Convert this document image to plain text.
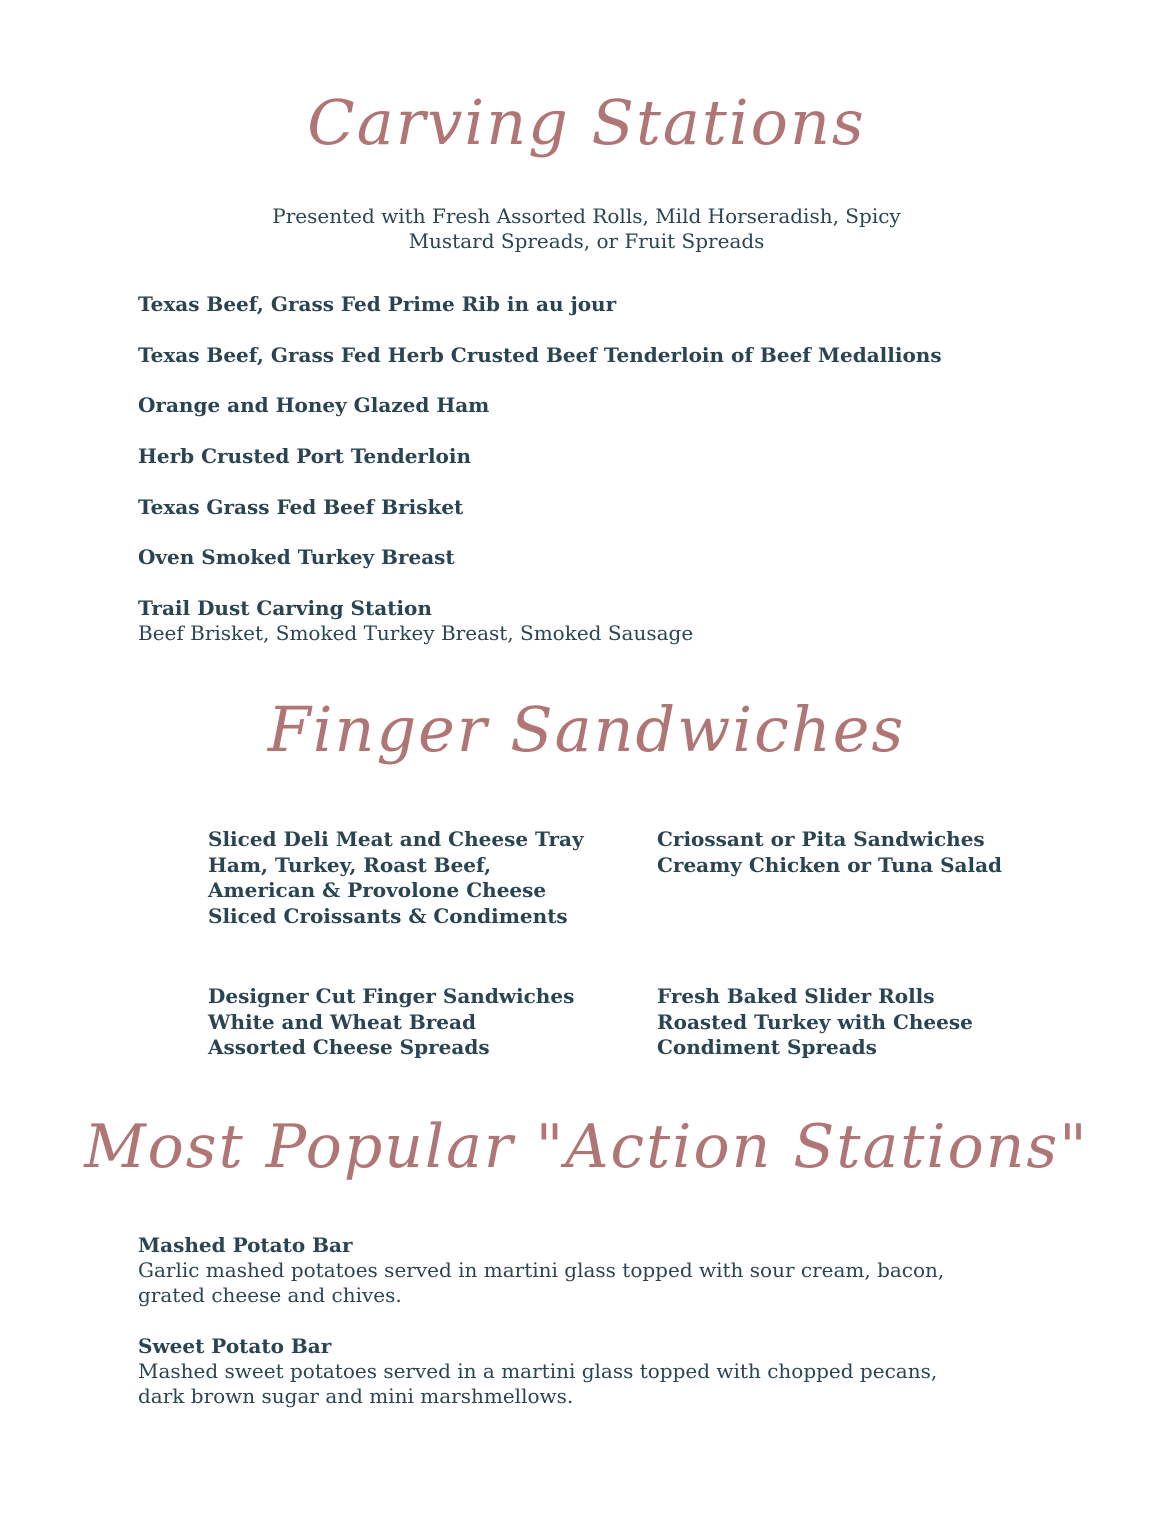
Carving Stations
Presented with Fresh Assorted Rolls, Mild Horseradish, Spicy
Mustard Spreads, or Fruit Spreads
Texas Beef, Grass Fed Prime Rib in au jour
Texas Beef, Grass Fed Herb Crusted Beef Tenderloin of Beef Medallions
Orange and Honey Glazed Ham
Herb Crusted Port Tenderloin
Texas Grass Fed Beef Brisket
Oven Smoked Turkey Breast
Trail Dust Carving Station
Beef Brisket, Smoked Turkey Breast, Smoked Sausage
Finger Sandwiches
Sliced Deli Meat and Cheese Tray
Ham, Turkey, Roast Beef,
American & Provolone Cheese
Sliced Croissants & Condiments
Criossant or Pita Sandwiches
Creamy Chicken or Tuna Salad
Designer Cut Finger Sandwiches
White and Wheat Bread
Assorted Cheese Spreads
Fresh Baked Slider Rolls
Roasted Turkey with Cheese
Condiment Spreads
Most Popular "Action Stations"
Mashed Potato Bar
Garlic mashed potatoes served in martini glass topped with sour cream, bacon,
grated cheese and chives.
Sweet Potato Bar
Mashed sweet potatoes served in a martini glass topped with chopped pecans,
dark brown sugar and mini marshmellows.
